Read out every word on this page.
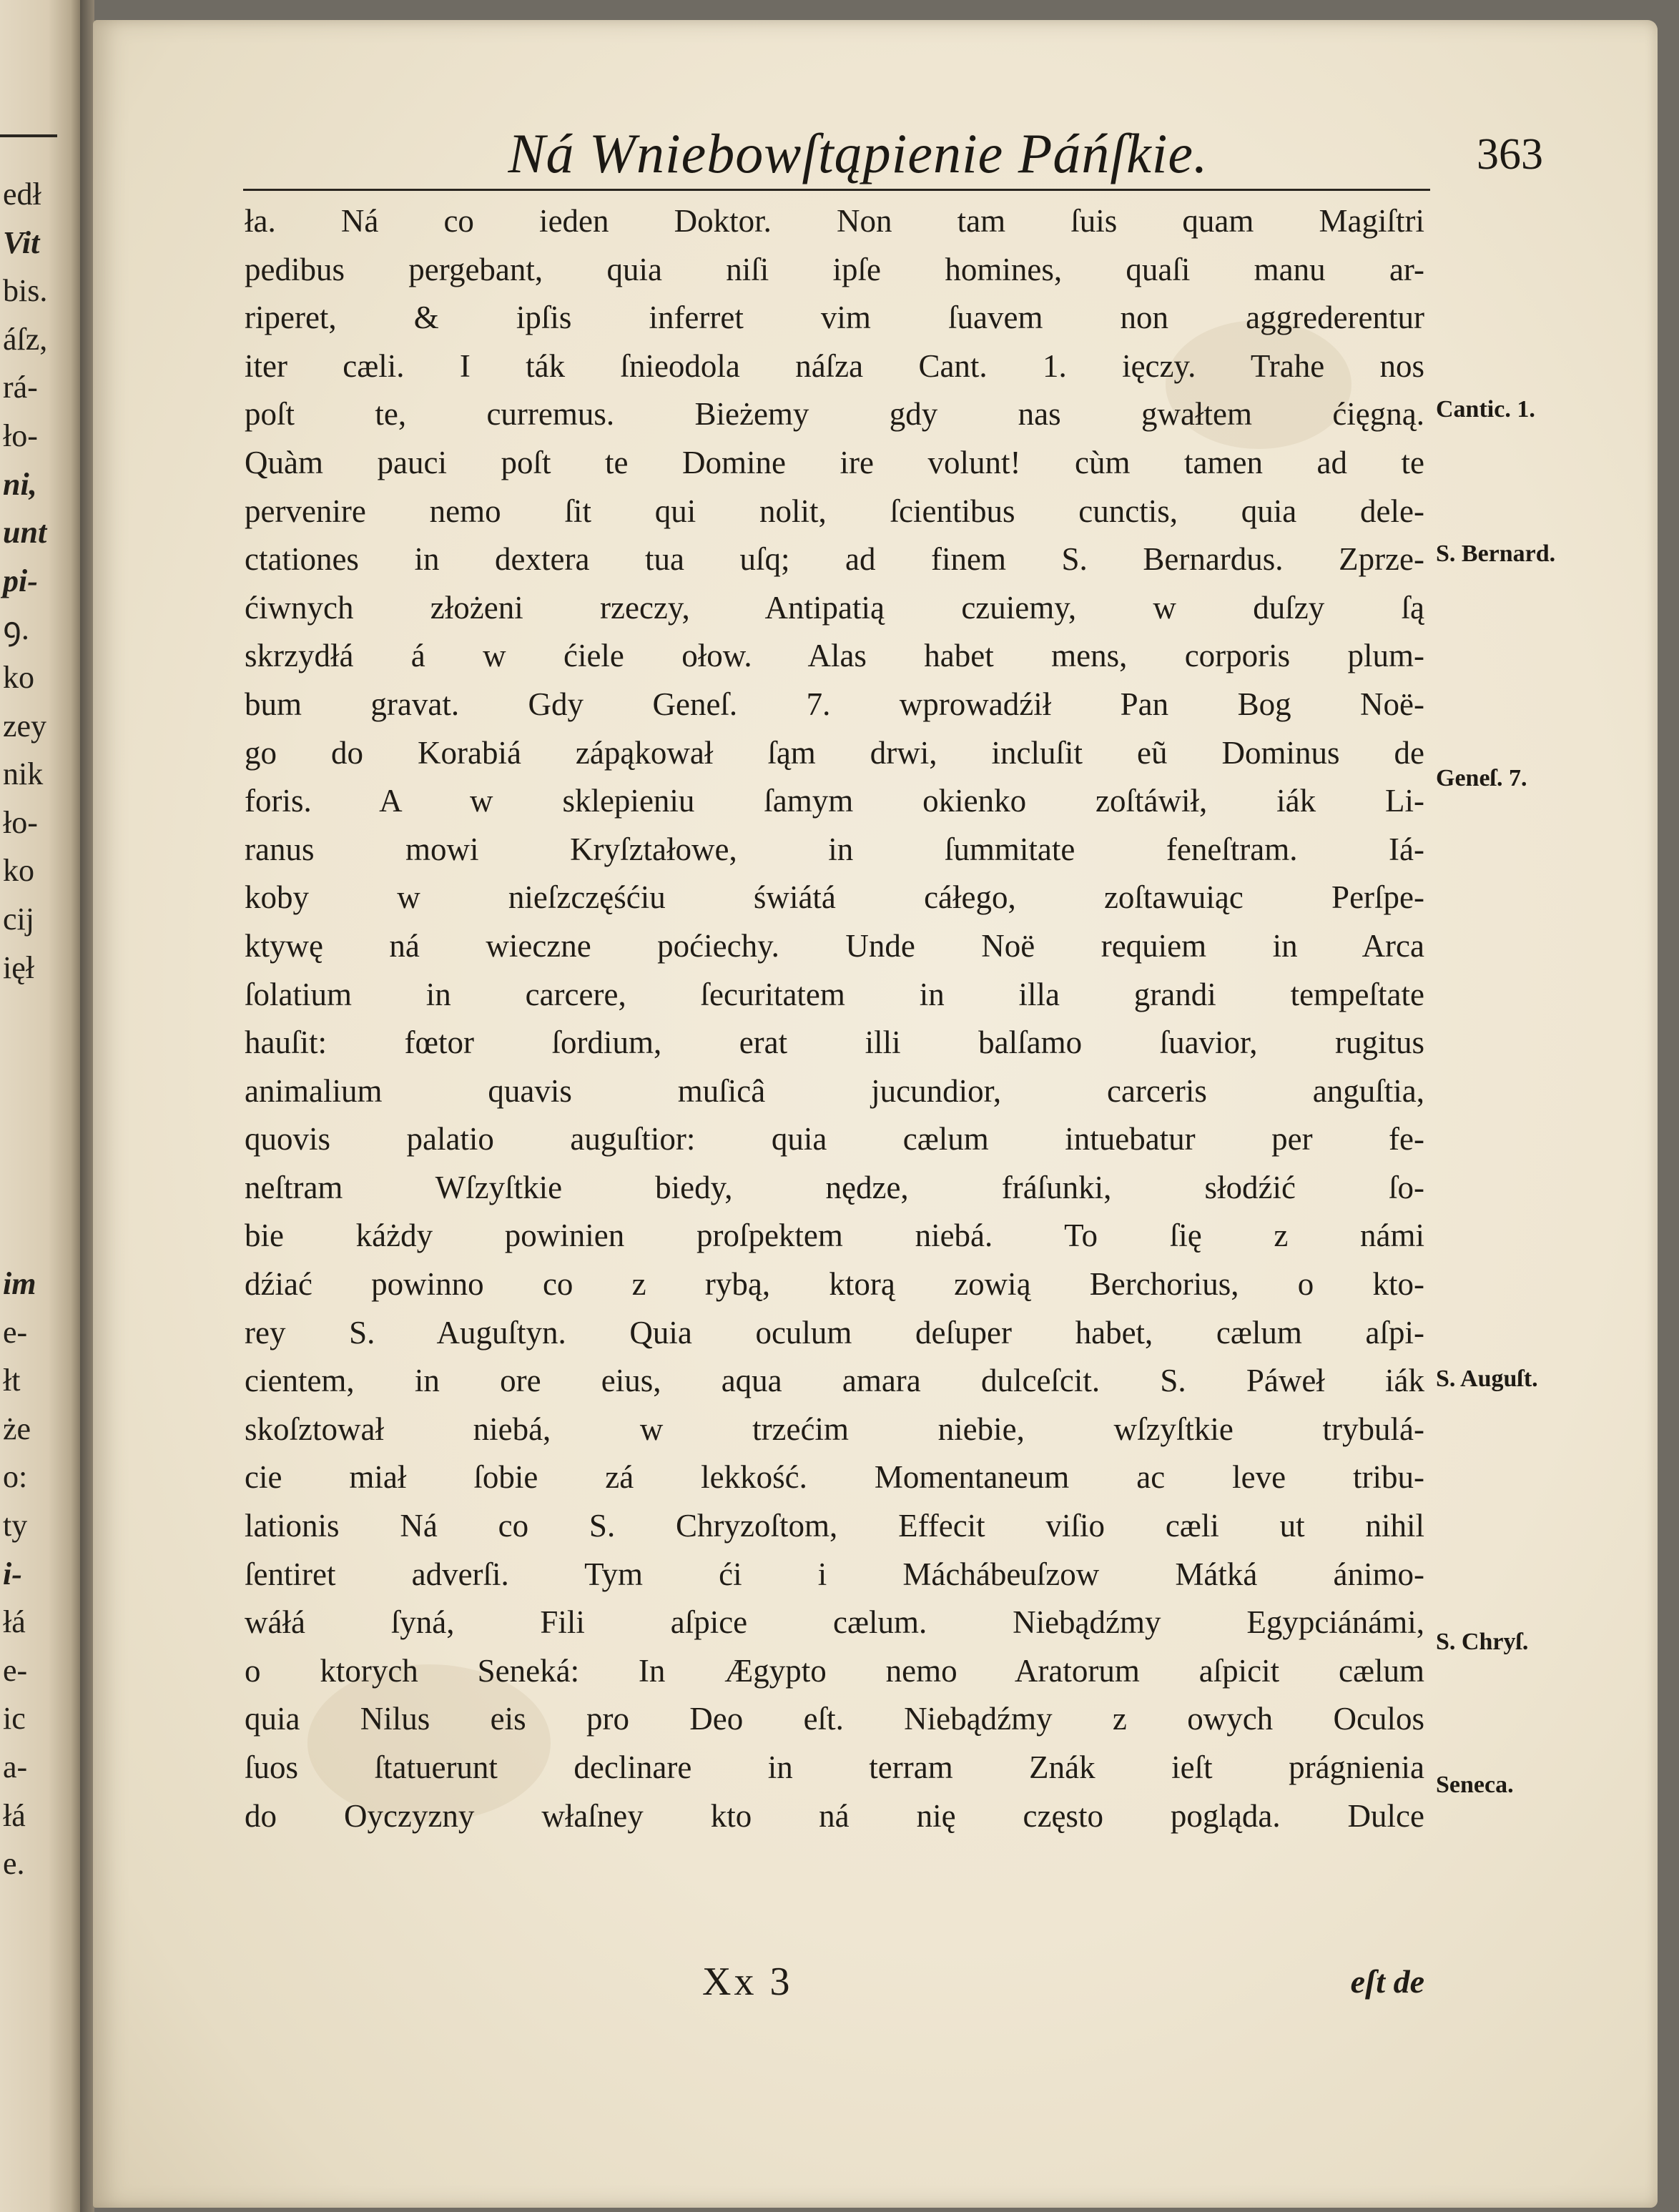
edł
Vit
bis.
áſz,
rá-
ło-
ni,
unt
pi-
ꝯ.
ko
zey
nik
ło-
ko
cij
ięł
im
e-
łt
że
o:
ty
i-
łá
e-
ic
a-
łá
e.
Ná Wniebowſtąpienie Páńſkie.	363
ła. Ná co ieden Doktor. Non tam ſuis quam Magiſtri
pedibus pergebant, quia niſi ipſe homines, quaſi manu ar-
riperet, & ipſis inferret vim ſuavem non aggrederentur
iter cæli. I ták ſnieodola náſza Cant. 1. ięczy. Trahe nos
poſt te, curremus. Bieżemy gdy nas gwałtem ćięgną.
Quàm pauci poſt te Domine ire volunt! cùm tamen ad te
pervenire nemo ſit qui nolit, ſcientibus cunctis, quia dele-
ctationes in dextera tua uſq; ad finem S. Bernardus. Zprze-
ćiwnych złożeni rzeczy, Antipatią czuiemy, w duſzy ſą
skrzydłá á w ćiele ołow. Alas habet mens, corporis plum-
bum gravat. Gdy Geneſ. 7. wprowadźił Pan Bog Noë-
go do Korabiá zápąkował ſąm drwi, incluſit eũ Dominus de
foris. A w sklepieniu ſamym okienko zoſtáwił, iák Li-
ranus mowi Kryſztałowe, in ſummitate feneſtram. Iá-
koby w nieſzczęśćiu świátá cáłego, zoſtawuiąc Perſpe-
ktywę ná wieczne poćiechy. Unde Noë requiem in Arca
ſolatium in carcere, ſecuritatem in illa grandi tempeſtate
hauſit: fœtor ſordium, erat illi balſamo ſuavior, rugitus
animalium quavis muſicâ jucundior, carceris anguſtia,
quovis palatio auguſtior: quia cælum intuebatur per fe-
neſtram Wſzyſtkie biedy, nędze, fráſunki, słodźić ſo-
bie káżdy powinien proſpektem niebá. To ſię z námi
dźiać powinno co z rybą, ktorą zowią Berchorius, o kto-
rey S. Auguſtyn. Quia oculum deſuper habet, cælum aſpi-
cientem, in ore eius, aqua amara dulceſcit. S. Páweł iák
skoſztował niebá, w trzećim niebie, wſzyſtkie trybulá-
cie miał ſobie zá lekkość. Momentaneum ac leve tribu-
lationis Ná co S. Chryzoſtom, Effecit viſio cæli ut nihil
ſentiret adverſi. Tym ći i Máchábeuſzow Mátká ánimo-
wáłá ſyná, Fili aſpice cælum. Niebądźmy Egypciánámi,
o ktorych Seneká: In Ægypto nemo Aratorum aſpicit cælum
quia Nilus eis pro Deo eſt. Niebądźmy z owych Oculos
ſuos ſtatuerunt declinare in terram Znák ieſt prágnienia
do Oyczyzny właſney kto ná nię często pogląda. Dulce
Cantic. 1.
S. Bernard.
Geneſ. 7.
S. Auguſt.
S. Chryſ.
Seneca.
Xx 3	eſt de
